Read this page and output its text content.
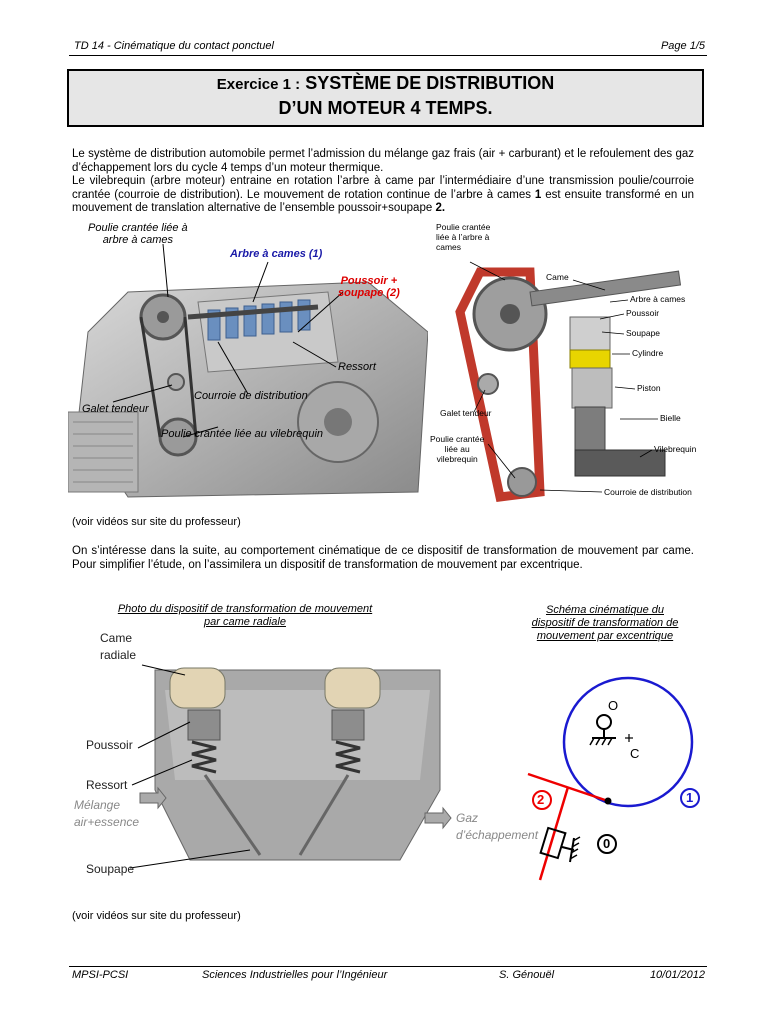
TD 14 - Cinématique du contact ponctuel	Page 1/5
Exercice 1 : SYSTÈME DE DISTRIBUTION
D’UN MOTEUR 4 TEMPS.

Le système de distribution automobile permet l’admission du mélange gaz frais (air + carburant) et le refoulement des gaz d’échappement lors du cycle 4 temps d’un moteur thermique.

Le vilebrequin (arbre moteur) entraine en rotation l’arbre à came par l’intermédiaire d’une transmission poulie/courroie crantée (courroie de distribution). Le mouvement de rotation continue de l’arbre à cames 1 est ensuite transformé en un mouvement de translation alternative de l’ensemble poussoir+soupape 2.

Poulie crantée liée à
arbre à cames
Arbre à cames (1)
Poussoir +
soupape (2)
Ressort
Courroie de distribution
Galet tendeur
Poulie crantée liée au vilebrequin
Poulie crantée
liée à l’arbre à
cames
Came
Arbre à cames
Poussoir
Soupape
Cylindre
Piston
Galet tendeur	Bielle
Poulie crantée
liée au
vilebrequin
Vilebrequin
Courroie de distribution
(voir vidéos sur site du professeur)
On s’intéresse dans la suite, au comportement cinématique de ce dispositif de transformation de mouvement par came. Pour simplifier l’étude, on l’assimilera un dispositif de transformation de mouvement par excentrique.
Photo du dispositif de transformation de mouvement
par came radiale
Came
radiale
Poussoir
Ressort
Mélange
air+essence
Soupape
Gaz
d’échappement
Schéma cinématique du
dispositif de transformation de
mouvement par excentrique
O
C
2	1
0
(voir vidéos sur site du professeur)
MPSI-PCSI	Sciences Industrielles pour l’Ingénieur	S. Génouël	10/01/2012
